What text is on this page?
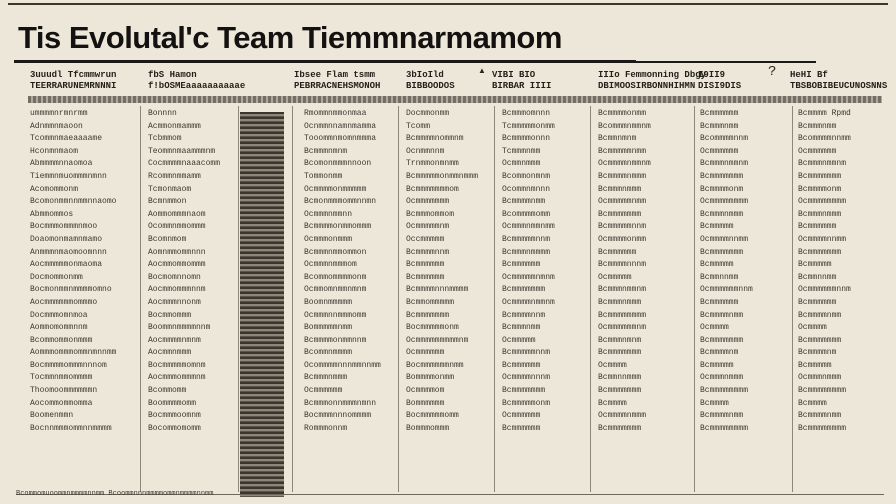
Tis Evolutal'c Team Tiemmnarmamom
▲	?
3uuudl Tfcmmwrun
TEERRARUNEMRNNNI
fbS Hamon
f!bOSMEaaaaaaaaaae
Ibsee Flam tsmm
PEBRRACNEHSMONOH
3bIoIld
BIBBOODOS
VIBI BIO
BIRBAR IIII
IIIo Femmonning Dbgy
DBIMOOSIRBONNHIHMN
I9II9
DISI9DIS
HeHI Bf
TBSBOBIBEUCUNOSNNS
ummmmnrmnrmm
Adnmmnmaoon
Tcommnmaeaaaame
Hconmnmaom
Abmmmmnnaomoa
Tiemmnmuommmnmnn
Acomommonm
Bcomonmmnnmmnnaomo
Abmmommos
Bocmmmommmnmoo
Doaomonmamnmamo
Anmmmnmaomoomnnn
Aocmmmmmonmaoma
Docmommonmm
Bocmonmmnmmmmomno
Aocmmmmmmommmo
Docmmmomnmoa
Aommomommnnm
Bcommommonmmm
Aommmommmommnmnnmm
Bocmmmmommmnnnom
Tocmmnmmommmm
Thoomoommmmmmn
Aocommommomma
Boomenmmn
Bocnnmmmommnnmmmm
Bonnnn
Acmmonmammm
Tcbmmom
Teommnmaammmnm
Cocmmmmnaaacomm
Rcommnmmamm
Tcmonmaom
Bcmnmmon
Aommommmnaom
Ocommnmmommm
Bcomnmom
Aomnmmommnnn
Aocmmommommm
Bocmomnnomn
Aocmmommmnnm
Aocmmmnnonm
Bocmmommm
Boommnmmmmnnm
Aocmmmmnmnm
Aocmmnmmm
Bocmmmmmomnm
Aocmmmommmnm
Bcommomm
Boommmmomm
Bocmmmoomnm
Bocommomomm
Rmommnmmonmaa
Ocnmmnnamnmamma
Tooommnmomnmmma
Bcmmmnmnm
Bcomonmmmnnoon
Tommonmm
Ocmmmmonmmmmm
Bcmonmmmommnnmn
Ocmmmnmmnn
Bcmmmmonmmommm
Ocmmmonmmm
Bcmmmnmmommon
Ocmmmnmmmom
Bcommommmmonm
Ocmmomnmmnmnm
Boomnmmmmm
Ocmmmnnmmmomm
Bommmmmnmm
Bcmmmmonmmnnm
Bcommnmmmm
Ocommmmnnnmmnnmm
Bcmmmnmmm
Ocmmmmmm
Bcmmmonnmmmnmnn
Bocmmmnnnommmm
Rommmonnm
Docmmonmm
Tcomm
Bcmmmmnommnm
Ocnmmnnm
Trnmmonmnmm
Bcmmmmmonmmnmmm
Bcmmmmmmmom
Ocmmmmmmm
Bcmmmommom
Ocmmmmmnm
Occmmmmm
Bcmmmmnnm
Bcmmmmmm
Bcmmmmmm
Bcmmmmnnnmmmm
Bcmmommmmm
Bcmmmmmmm
Bocmmmmmonm
Ocmmmmmmmmmnm
Ocmmmmmm
Bocmmmmmmnmm
Bommmmonmm
Ocmmmmom
Bommmmmm
Bocmmmmmomm
Bommmommm
Bcmmmomnnn
Tcmmmmmonmm
Bcmmmmonnn
Tcmmmnmm
Ocmmnmmm
Bcommonmnm
Ocommnmnnn
Bcmmmmnmm
Bcommmmomm
Ocmmmnmmnmm
Bcmmmmmnnm
Bcmmmnmmmm
Bcmmmmmm
Ocmmmmmnmnm
Bcmmmmmmm
Ocmmmmnmmnm
Bcmmmmnnm
Bcmmmnmm
Ocmmmmm
Bcmmmmmnnm
Bcmmmmmm
Ocmmmmnnnm
Bcmmmmmmm
Bcmmmmmonm
Ocmmmmmm
Bcmmmmmm
Bcmmmmonmm
Bcommmnmmnm
Bcmmnmnm
Bcmmmmmnmm
Ocmmmmnmmnm
Bcmmmmnmmm
Bcmmmnmmm
Ocmmmmmnmm
Bcmmmmmmm
Bcmmmmmnnm
Ocmmmmonmm
Bcmmmmmm
Bcmmmmnnnm
Ocmmmmm
Bcmmmnmmnm
Bcmmmnmmm
Bcmmmmmmmm
Ocmmmmmmnm
Bcmmmnmnm
Bcmmmmmmm
Ocmmmm
Bcmmnnmmm
Bcmmmmmmm
Bcmmmm
Ocmmmmnmmm
Bcmmmmmmm
Bcmmmmmm
Bcmmmnmm
Bcommmmnnm
Ocmmmmmm
Bcmmmnmmnm
Bcmmmmmmm
Bcmmmmonm
Ocmmmmmmmm
Bcmmmnmmm
Bcmmmmm
Ocmmmmnnmm
Bcmmmmmmm
Bcmmmmm
Bcmmnnmm
Ocmmmmmmnnm
Bcmmmmmm
Bcmmmmnmm
Ocmmmm
Bcmmmmmmm
Bcmmmmnm
Bcmmmmm
Ocmmmnmmm
Bcmmmmmmmm
Bcmmmm
Bcmmmmnmm
Bcmmmmmmmm
Bcmmmm Rpmd
Bcmmmnmm
Bcommmmnnmm
Ocmmmmmm
Bcmmmnmmnm
Bcmmmmmmm
Bcmmmmonm
Ocmmmmmmmm
Bcmmmnmmm
Bcmmmmmm
Ocmmmmnnmm
Bcmmmmmmm
Bcmmmmm
Bcmmnnmm
Ocmmmmmmnnm
Bcmmmmmm
Bcmmmmnmm
Ocmmmm
Bcmmmmmmm
Bcmmmmnm
Bcmmmmm
Ocmmmnmmm
Bcmmmmmmmm
Bcmmmm
Bcmmmmnmm
Bcmmmmmmmm
Bcommomuoommnmmmmnnmm Bcoommnnnmmmmommnmmmmnnmm
